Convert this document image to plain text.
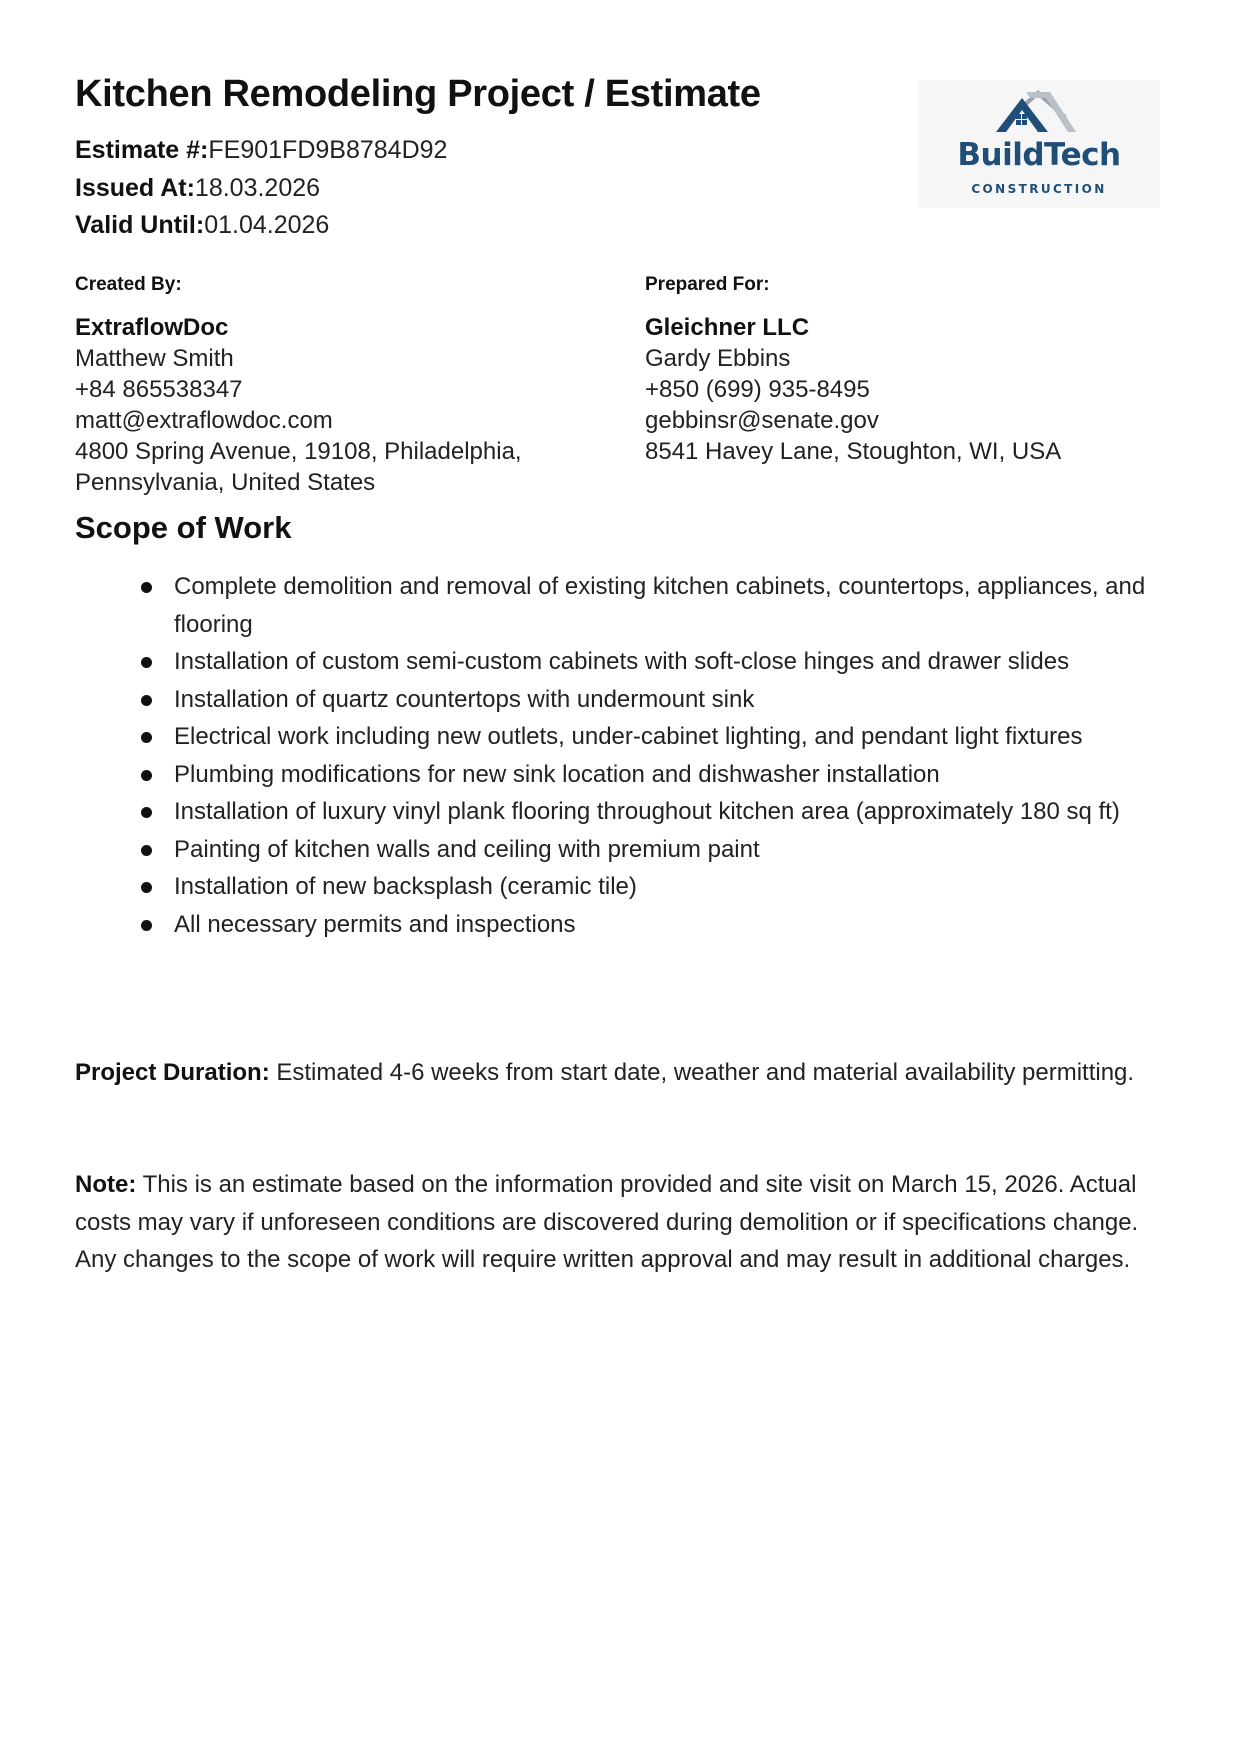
Kitchen Remodeling Project / Estimate
Estimate #:FE901FD9B8784D92
Issued At:18.03.2026
Valid Until:01.04.2026
BuildTech
CONSTRUCTION
Created By:
ExtraflowDoc
Matthew Smith
+84 865538347
matt@extraflowdoc.com
4800 Spring Avenue, 19108, Philadelphia,
Pennsylvania, United States
Prepared For:
Gleichner LLC
Gardy Ebbins
+850 (699) 935-8495
gebbinsr@senate.gov
8541 Havey Lane, Stoughton, WI, USA
Scope of Work
Complete demolition and removal of existing kitchen cabinets, countertops, appliances, and flooring
Installation of custom semi-custom cabinets with soft-close hinges and drawer slides
Installation of quartz countertops with undermount sink
Electrical work including new outlets, under-cabinet lighting, and pendant light fixtures
Plumbing modifications for new sink location and dishwasher installation
Installation of luxury vinyl plank flooring throughout kitchen area (approximately 180 sq ft)
Painting of kitchen walls and ceiling with premium paint
Installation of new backsplash (ceramic tile)
All necessary permits and inspections
Project Duration: Estimated 4-6 weeks from start date, weather and material availability permitting.
Note: This is an estimate based on the information provided and site visit on March 15, 2026. Actual costs may vary if unforeseen conditions are discovered during demolition or if specifications change. Any changes to the scope of work will require written approval and may result in additional charges.
